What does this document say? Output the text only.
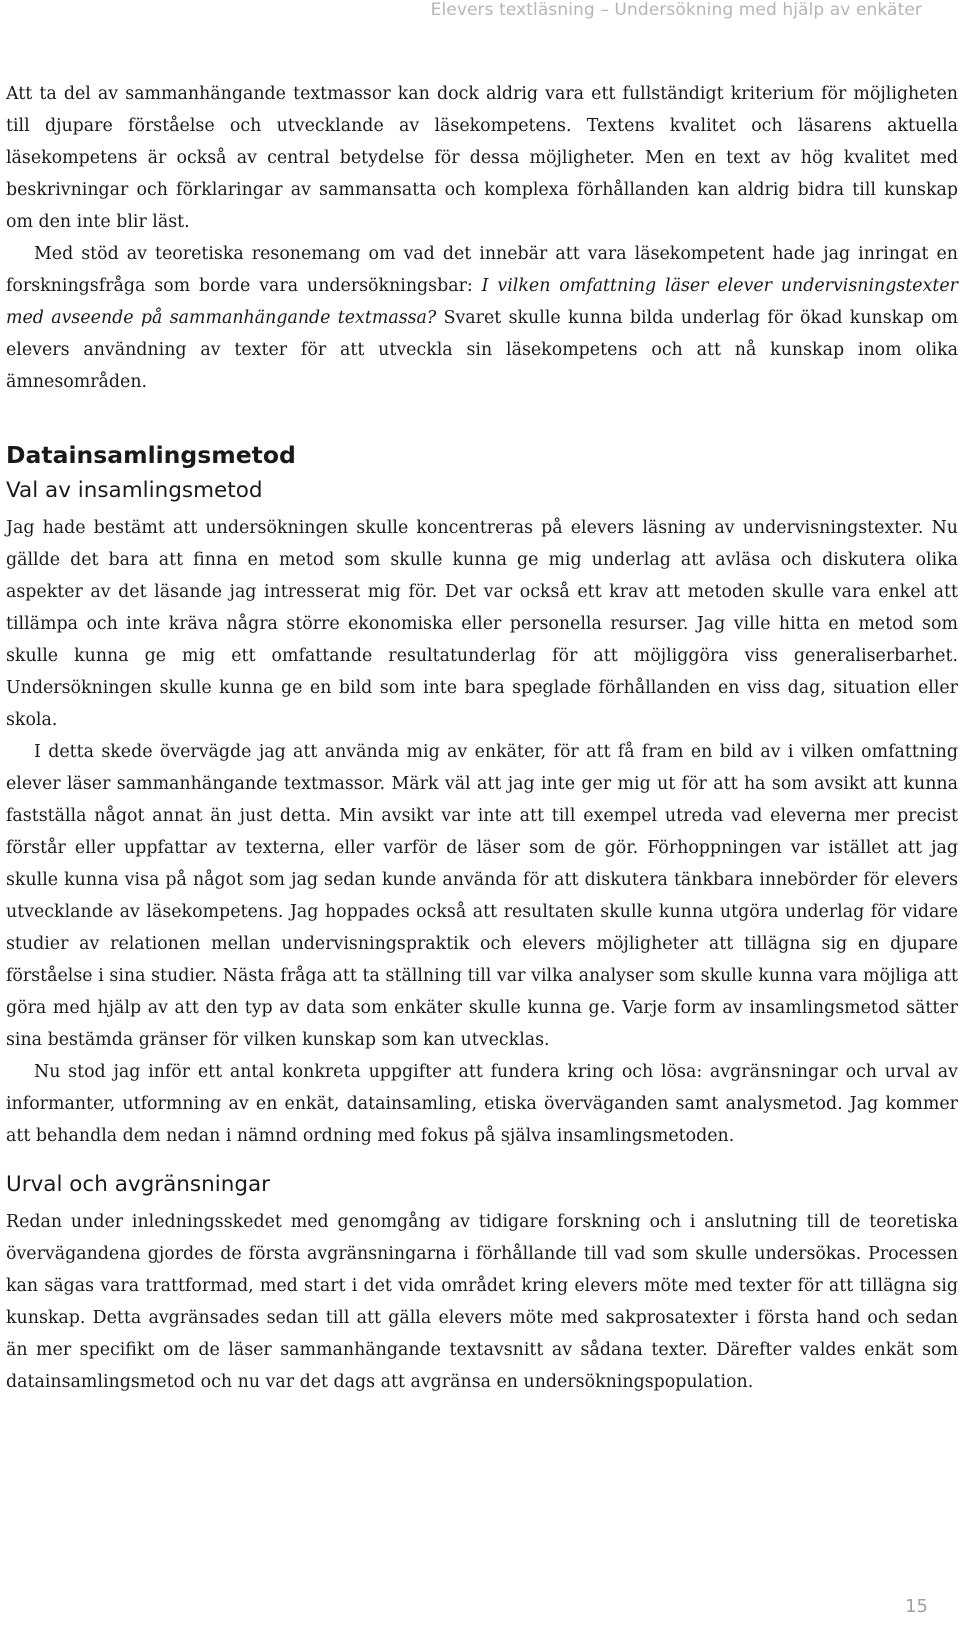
Elevers textläsning – Undersökning med hjälp av enkäter

Att ta del av sammanhängande textmassor kan dock aldrig vara ett fullständigt kriterium för möjligheten till djupare förståelse och utvecklande av läsekompetens. Textens kvalitet och läsarens aktuella läsekompetens är också av central betydelse för dessa möjligheter. Men en text av hög kvalitet med beskrivningar och förklaringar av sammansatta och komplexa förhållanden kan aldrig bidra till kunskap om den inte blir läst.

Med stöd av teoretiska resonemang om vad det innebär att vara läsekompetent hade jag inringat en forskningsfråga som borde vara undersökningsbar: I vilken omfattning läser elever undervisningstexter med avseende på sammanhängande textmassa? Svaret skulle kunna bilda underlag för ökad kunskap om elevers användning av texter för att utveckla sin läsekompetens och att nå kunskap inom olika ämnesområden.

Datainsamlingsmetod
Val av insamlingsmetod

Jag hade bestämt att undersökningen skulle koncentreras på elevers läsning av undervisningstexter. Nu gällde det bara att finna en metod som skulle kunna ge mig underlag att avläsa och diskutera olika aspekter av det läsande jag intresserat mig för. Det var också ett krav att metoden skulle vara enkel att tillämpa och inte kräva några större ekonomiska eller personella resurser. Jag ville hitta en metod som skulle kunna ge mig ett omfattande resultatunderlag för att möjliggöra viss generaliserbarhet. Undersökningen skulle kunna ge en bild som inte bara speglade förhållanden en viss dag, situation eller skola.

I detta skede övervägde jag att använda mig av enkäter, för att få fram en bild av i vilken omfattning elever läser sammanhängande textmassor. Märk väl att jag inte ger mig ut för att ha som avsikt att kunna fastställa något annat än just detta. Min avsikt var inte att till exempel utreda vad eleverna mer precist förstår eller uppfattar av texterna, eller varför de läser som de gör. Förhoppningen var istället att jag skulle kunna visa på något som jag sedan kunde använda för att diskutera tänkbara innebörder för elevers utvecklande av läsekompetens. Jag hoppades också att resultaten skulle kunna utgöra underlag för vidare studier av relationen mellan undervisningspraktik och elevers möjligheter att tillägna sig en djupare förståelse i sina studier. Nästa fråga att ta ställning till var vilka analyser som skulle kunna vara möjliga att göra med hjälp av att den typ av data som enkäter skulle kunna ge. Varje form av insamlingsmetod sätter sina bestämda gränser för vilken kunskap som kan utvecklas.

Nu stod jag inför ett antal konkreta uppgifter att fundera kring och lösa: avgränsningar och urval av informanter, utformning av en enkät, datainsamling, etiska överväganden samt analysmetod. Jag kommer att behandla dem nedan i nämnd ordning med fokus på själva insamlingsmetoden.

Urval och avgränsningar

Redan under inledningsskedet med genomgång av tidigare forskning och i anslutning till de teoretiska övervägandena gjordes de första avgränsningarna i förhållande till vad som skulle undersökas. Processen kan sägas vara trattformad, med start i det vida området kring elevers möte med texter för att tillägna sig kunskap. Detta avgränsades sedan till att gälla elevers möte med sakprosatexter i första hand och sedan än mer specifikt om de läser sammanhängande textavsnitt av sådana texter. Därefter valdes enkät som datainsamlingsmetod och nu var det dags att avgränsa en undersökningspopulation.

15
